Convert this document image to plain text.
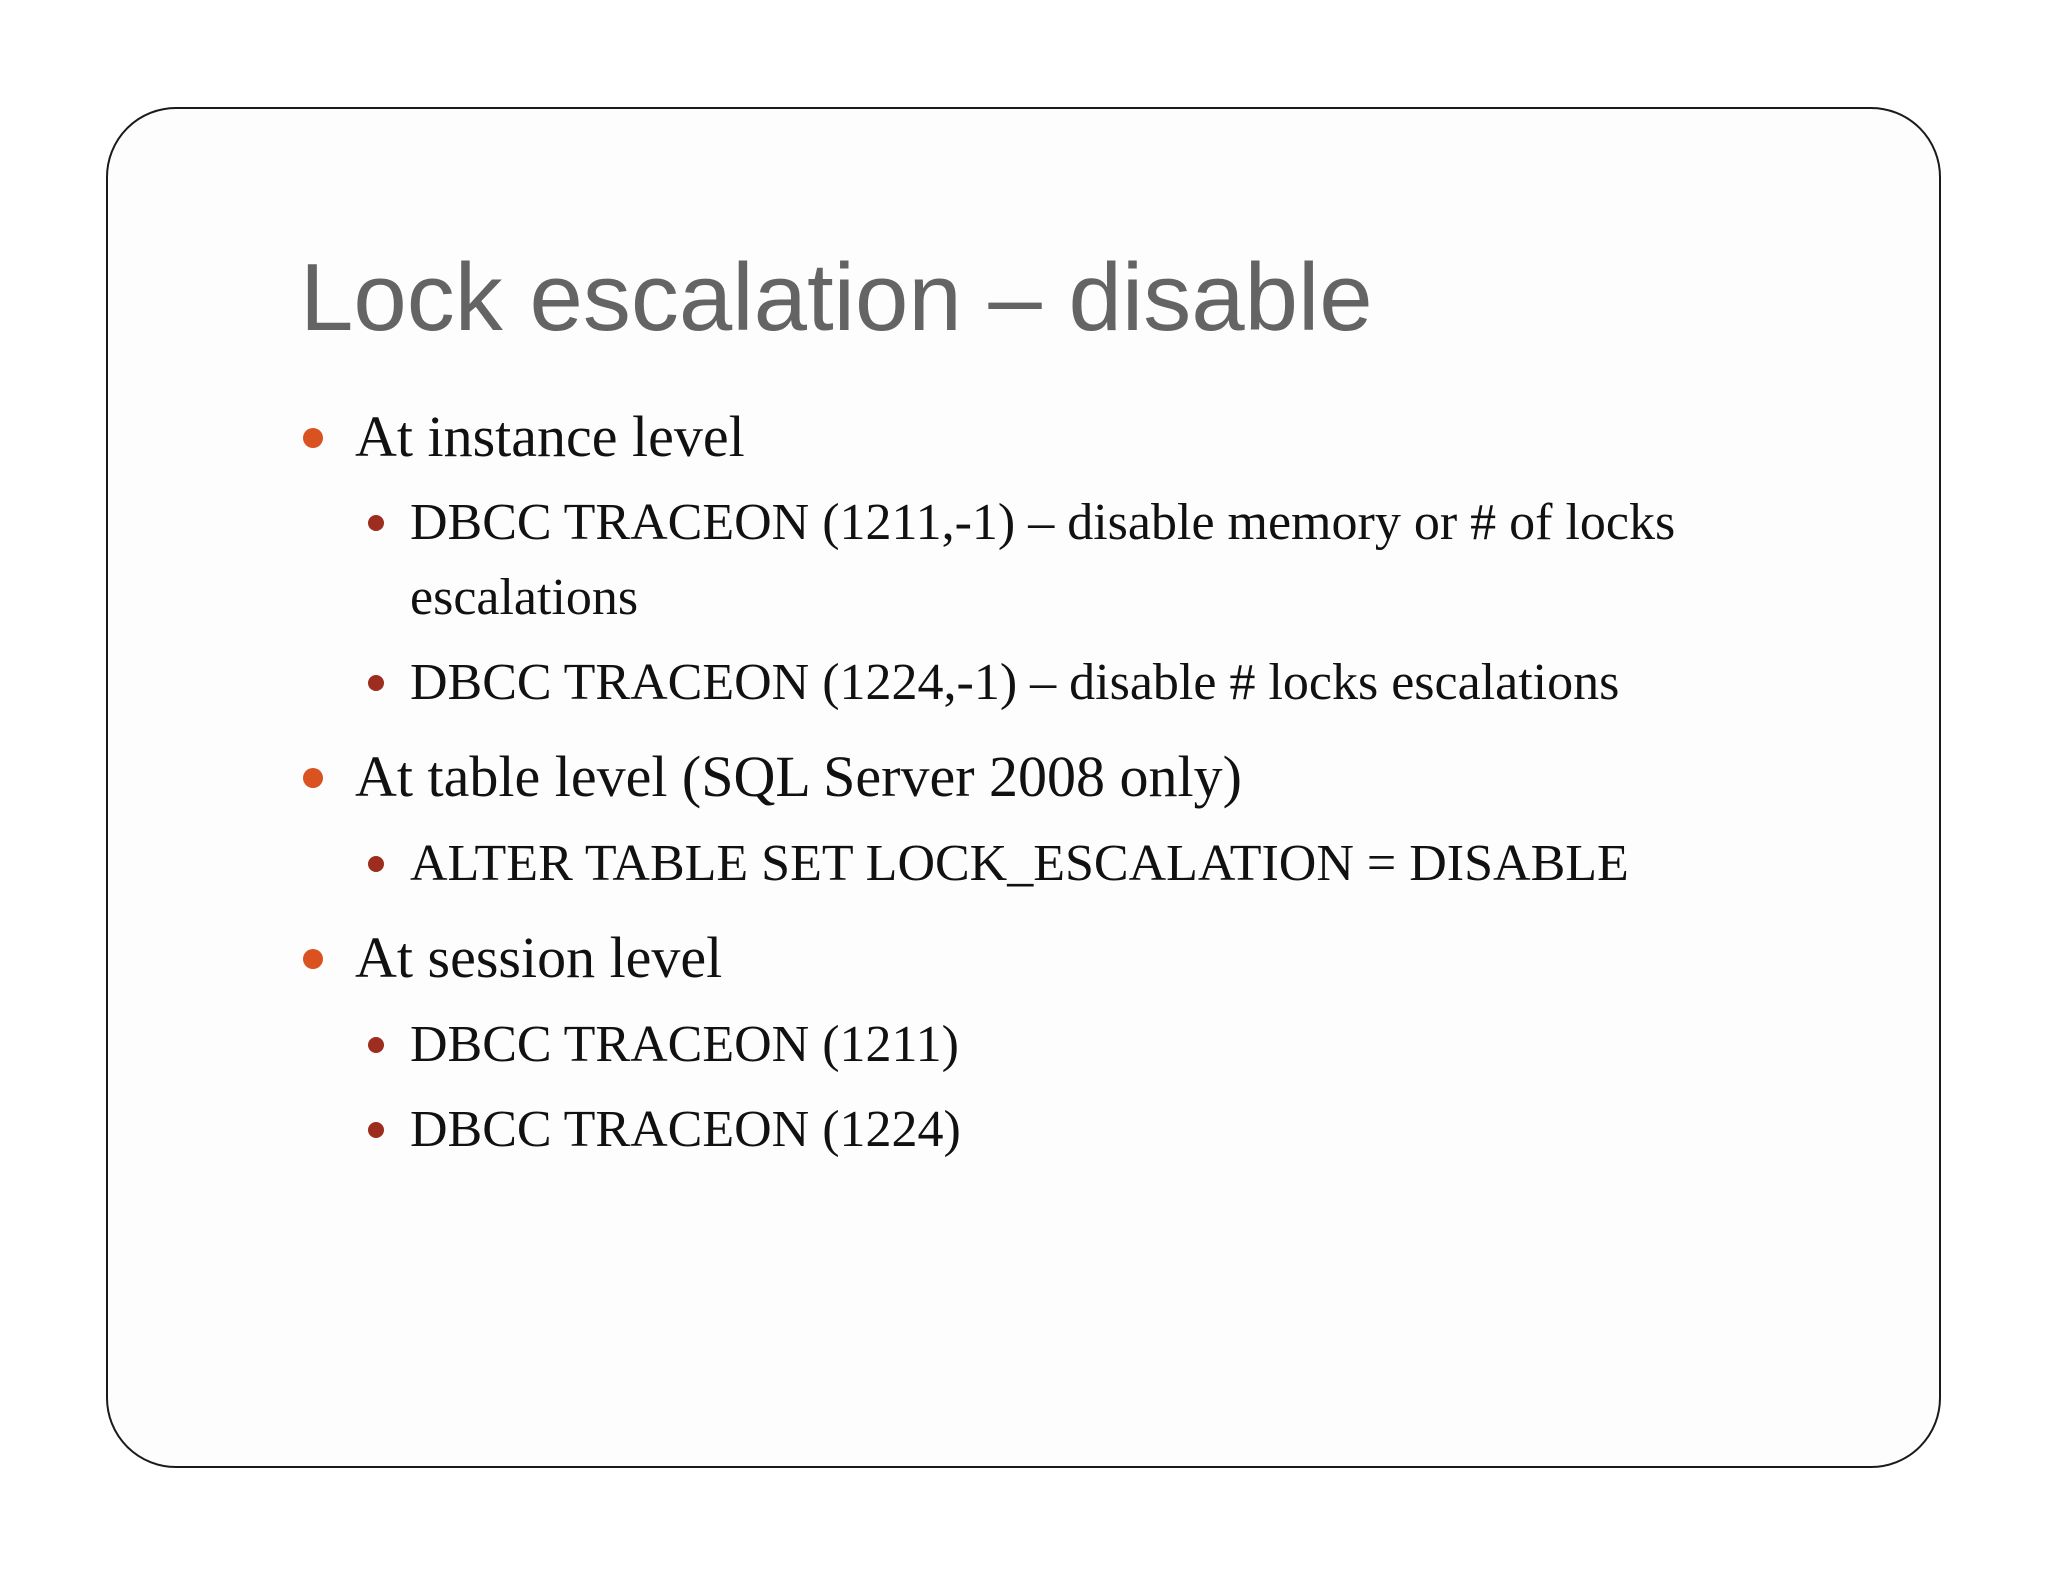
Lock escalation – disable
At instance level
DBCC TRACEON (1211,-1) – disable memory or # of locks escalations
DBCC TRACEON (1224,-1) – disable # locks escalations
At table level (SQL Server 2008 only)
ALTER TABLE SET LOCK_ESCALATION = DISABLE
At session level
DBCC TRACEON (1211)
DBCC TRACEON (1224)
